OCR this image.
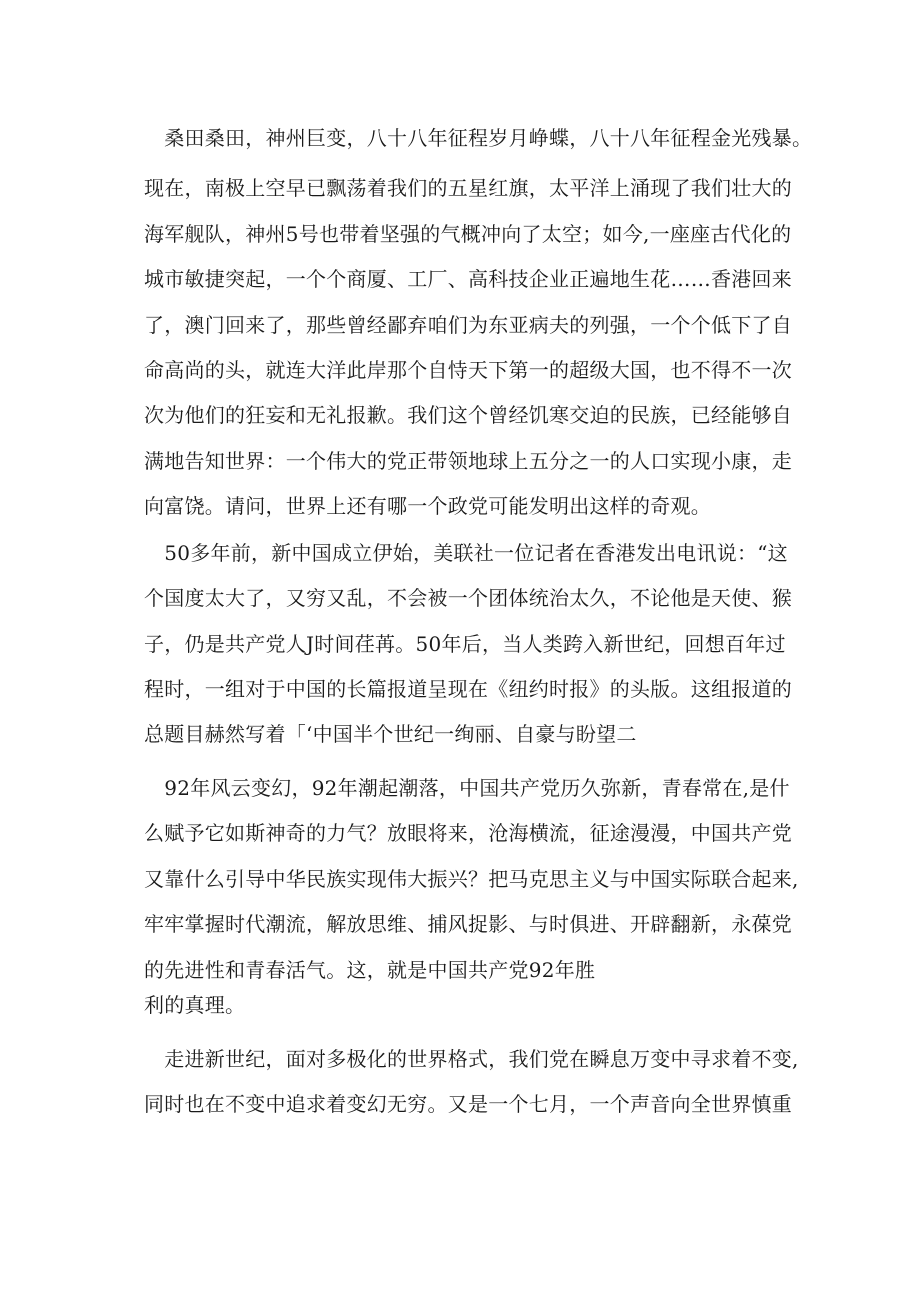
　桑田桑田，神州巨变，八十八年征程岁月峥蝶，八十八年征程金光残暴。

现在，南极上空早已飘荡着我们的五星红旗，太平洋上涌现了我们壮大的

海军舰队，神州5号也带着坚强的气概冲向了太空；如今,一座座古代化的

城市敏捷突起，一个个商厦、工厂、高科技企业正遍地生花……香港回来

了，澳门回来了，那些曾经鄙弃咱们为东亚病夫的列强，一个个低下了自

命高尚的头，就连大洋此岸那个自恃天下第一的超级大国，也不得不一次

次为他们的狂妄和无礼报歉。我们这个曾经饥寒交迫的民族，已经能够自

满地告知世界：一个伟大的党正带领地球上五分之一的人口实现小康，走

向富饶。请问，世界上还有哪一个政党可能发明出这样的奇观。

　50多年前，新中国成立伊始，美联社一位记者在香港发出电讯说：“这

个国度太大了，又穷又乱，不会被一个团体统治太久，不论他是天使、猴

子，仍是共产党人J时间荏苒。50年后，当人类跨入新世纪，回想百年过

程时，一组对于中国的长篇报道呈现在《纽约时报》的头版。这组报道的

总题目赫然写着「‘中国半个世纪一绚丽、自豪与盼望二

　92年风云变幻，92年潮起潮落，中国共产党历久弥新，青春常在,是什

么赋予它如斯神奇的力气？放眼将来，沧海横流，征途漫漫，中国共产党

又靠什么引导中华民族实现伟大振兴？把马克思主义与中国实际联合起来,

牢牢掌握时代潮流，解放思维、捕风捉影、与时俱进、开辟翻新，永葆党

的先进性和青春活气。这，就是中国共产党92年胜

利的真理。

　走进新世纪，面对多极化的世界格式，我们党在瞬息万变中寻求着不变,

同时也在不变中追求着变幻无穷。又是一个七月，一个声音向全世界慎重
